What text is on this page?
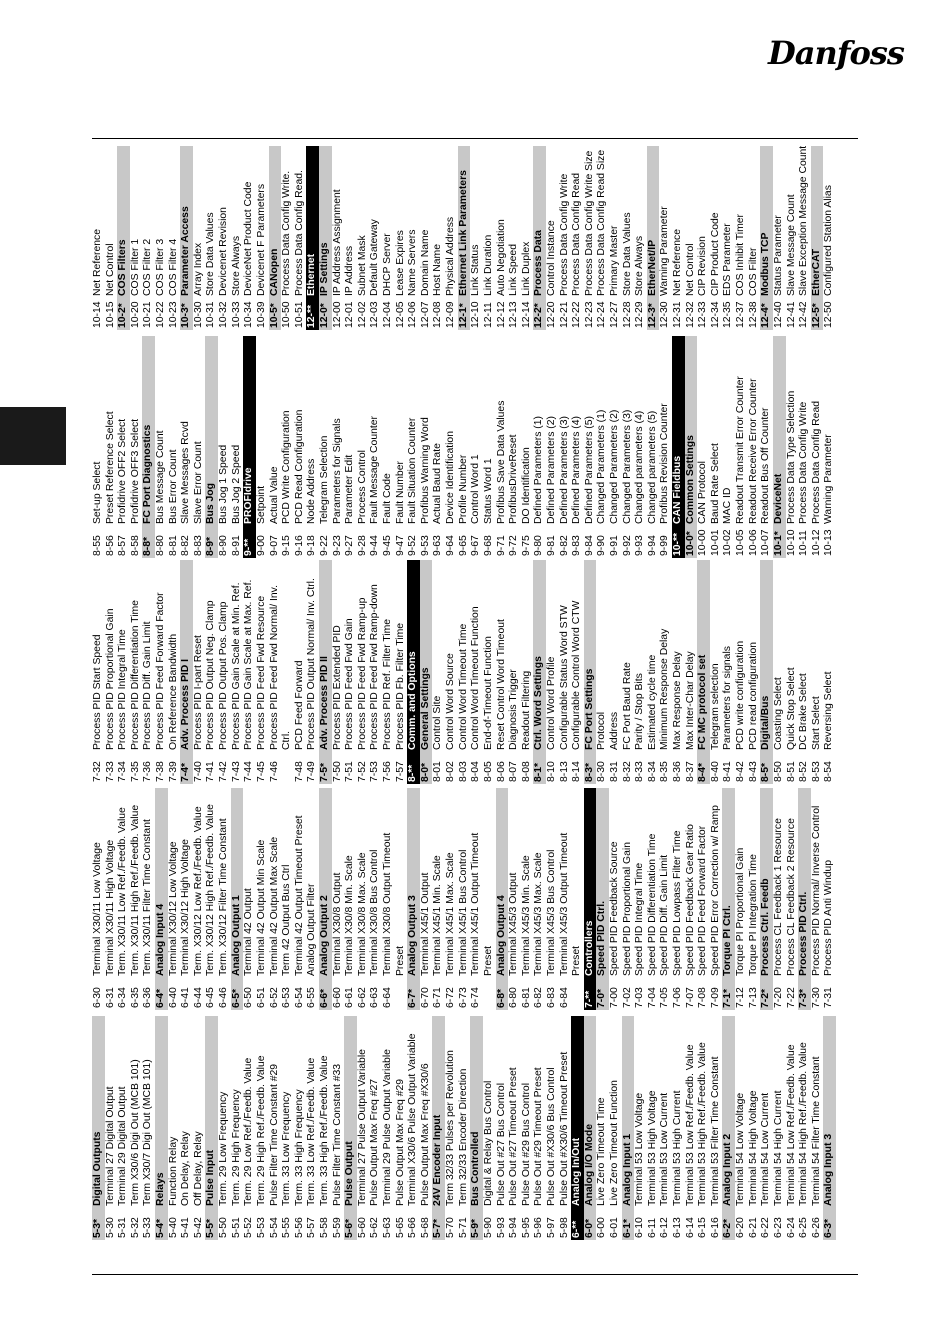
Danfoss
5-3*Digital Outputs
5-30Terminal 27 Digital Output
5-31Terminal 29 Digital Output
5-32Term X30/6 Digi Out (MCB 101)
5-33Term X30/7 Digi Out (MCB 101)
5-4*Relays
5-40Function Relay
5-41On Delay, Relay
5-42Off Delay, Relay
5-5*Pulse Input
5-50Term. 29 Low Frequency
5-51Term. 29 High Frequency
5-52Term. 29 Low Ref./Feedb. Value
5-53Term. 29 High Ref./Feedb. Value
5-54Pulse Filter Time Constant #29
5-55Term. 33 Low Frequency
5-56Term. 33 High Frequency
5-57Term. 33 Low Ref./Feedb. Value
5-58Term. 33 High Ref./Feedb. Value
5-59Pulse Filter Time Constant #33
5-6*Pulse Output
5-60Terminal 27 Pulse Output Variable
5-62Pulse Output Max Freq #27
5-63Terminal 29 Pulse Output Variable
5-65Pulse Output Max Freq #29
5-66Terminal X30/6 Pulse Output Variable
5-68Pulse Output Max Freq #X30/6
5-7*24V Encoder Input
5-70Term 32/33 Pulses per Revolution
5-71Term 32/33 Encoder Direction
5-9*Bus Controlled
5-90Digital & Relay Bus Control
5-93Pulse Out #27 Bus Control
5-94Pulse Out #27 Timeout Preset
5-95Pulse Out #29 Bus Control
5-96Pulse Out #29 Timeout Preset
5-97Pulse Out #X30/6 Bus Control
5-98Pulse Out #X30/6 Timeout Preset
6-**Analog In/Out
6-0*Analog I/O Mode
6-00Live Zero Timeout Time
6-01Live Zero Timeout Function
6-1*Analog Input 1
6-10Terminal 53 Low Voltage
6-11Terminal 53 High Voltage
6-12Terminal 53 Low Current
6-13Terminal 53 High Current
6-14Terminal 53 Low Ref./Feedb. Value
6-15Terminal 53 High Ref./Feedb. Value
6-16Terminal 53 Filter Time Constant
6-2*Analog Input 2
6-20Terminal 54 Low Voltage
6-21Terminal 54 High Voltage
6-22Terminal 54 Low Current
6-23Terminal 54 High Current
6-24Terminal 54 Low Ref./Feedb. Value
6-25Terminal 54 High Ref./Feedb. Value
6-26Terminal 54 Filter Time Constant
6-3*Analog Input 3
6-30Terminal X30/11 Low Voltage
6-31Terminal X30/11 High Voltage
6-34Term. X30/11 Low Ref./Feedb. Value
6-35Term. X30/11 High Ref./Feedb. Value
6-36Term. X30/11 Filter Time Constant
6-4*Analog Input 4
6-40Terminal X30/12 Low Voltage
6-41Terminal X30/12 High Voltage
6-44Term. X30/12 Low Ref./Feedb. Value
6-45Term. X30/12 High Ref./Feedb. Value
6-46Term. X30/12 Filter Time Constant
6-5*Analog Output 1
6-50Terminal 42 Output
6-51Terminal 42 Output Min Scale
6-52Terminal 42 Output Max Scale
6-53Term 42 Output Bus Ctrl
6-54Terminal 42 Output Timeout Preset
6-55Analog Output Filter
6-6*Analog Output 2
6-60Terminal X30/8 Output
6-61Terminal X30/8 Min. Scale
6-62Terminal X30/8 Max. Scale
6-63Terminal X30/8 Bus Control
6-64Terminal X30/8 Output Timeout Preset
6-7*Analog Output 3
6-70Terminal X45/1 Output
6-71Terminal X45/1 Min. Scale
6-72Terminal X45/1 Max. Scale
6-73Terminal X45/1 Bus Control
6-74Terminal X45/1 Output Timeout Preset
6-8*Analog Output 4
6-80Terminal X45/3 Output
6-81Terminal X45/3 Min. Scale
6-82Terminal X45/3 Max. Scale
6-83Terminal X45/3 Bus Control
6-84Terminal X45/3 Output Timeout Preset
7-**Controllers
7-0*Speed PID Ctrl.
7-00Speed PID Feedback Source
7-02Speed PID Proportional Gain
7-03Speed PID Integral Time
7-04Speed PID Differentiation Time
7-05Speed PID Diff. Gain Limit
7-06Speed PID Lowpass Filter Time
7-07Speed PID Feedback Gear Ratio
7-08Speed PID Feed Forward Factor
7-09Speed PID Error Correction w/ Ramp
7-1*Torque PI Ctrl.
7-12Torque PI Proportional Gain
7-13Torque PI Integration Time
7-2*Process Ctrl. Feedb
7-20Process CL Feedback 1 Resource
7-22Process CL Feedback 2 Resource
7-3*Process PID Ctrl.
7-30Process PID Normal/ Inverse Control
7-31Process PID Anti Windup
7-32Process PID Start Speed
7-33Process PID Proportional Gain
7-34Process PID Integral Time
7-35Process PID Differentiation Time
7-36Process PID Diff. Gain Limit
7-38Process PID Feed Forward Factor
7-39On Reference Bandwidth
7-4*Adv. Process PID I
7-40Process PID I-part Reset
7-41Process PID Output Neg. Clamp
7-42Process PID Output Pos. Clamp
7-43Process PID Gain Scale at Min. Ref.
7-44Process PID Gain Scale at Max. Ref.
7-45Process PID Feed Fwd Resource
7-46Process PID Feed Fwd Normal/ Inv. Ctrl.
7-48PCD Feed Forward
7-49Process PID Output Normal/ Inv. Ctrl.
7-5*Adv. Process PID II
7-50Process PID Extended PID
7-51Process PID Feed Fwd Gain
7-52Process PID Feed Fwd Ramp-up
7-53Process PID Feed Fwd Ramp-down
7-56Process PID Ref. Filter Time
7-57Process PID Fb. Filter Time
8-**Comm. and Options
8-0*General Settings
8-01Control Site
8-02Control Word Source
8-03Control Word Timeout Time
8-04Control Word Timeout Function
8-05End-of-Timeout Function
8-06Reset Control Word Timeout
8-07Diagnosis Trigger
8-08Readout Filtering
8-1*Ctrl. Word Settings
8-10Control Word Profile
8-13Configurable Status Word STW
8-14Configurable Control Word CTW
8-3*FC Port Settings
8-30Protocol
8-31Address
8-32FC Port Baud Rate
8-33Parity / Stop Bits
8-34Estimated cycle time
8-35Minimum Response Delay
8-36Max Response Delay
8-37Max Inter-Char Delay
8-4*FC MC protocol set
8-40Telegram selection
8-41Parameters for signals
8-42PCD write configuration
8-43PCD read configuration
8-5*Digital/Bus
8-50Coasting Select
8-51Quick Stop Select
8-52DC Brake Select
8-53Start Select
8-54Reversing Select
8-55Set-up Select
8-56Preset Reference Select
8-57Profidrive OFF2 Select
8-58Profidrive OFF3 Select
8-8*FC Port Diagnostics
8-80Bus Message Count
8-81Bus Error Count
8-82Slave Messages Rcvd
8-83Slave Error Count
8-9*Bus Jog
8-90Bus Jog 1 Speed
8-91Bus Jog 2 Speed
9-**PROFIdrive
9-00Setpoint
9-07Actual Value
9-15PCD Write Configuration
9-16PCD Read Configuration
9-18Node Address
9-22Telegram Selection
9-23Parameters for Signals
9-27Parameter Edit
9-28Process Control
9-44Fault Message Counter
9-45Fault Code
9-47Fault Number
9-52Fault Situation Counter
9-53Profibus Warning Word
9-63Actual Baud Rate
9-64Device Identification
9-65Profile Number
9-67Control Word 1
9-68Status Word 1
9-71Profibus Save Data Values
9-72ProfibusDriveReset
9-75DO Identification
9-80Defined Parameters (1)
9-81Defined Parameters (2)
9-82Defined Parameters (3)
9-83Defined Parameters (4)
9-84Defined Parameters (5)
9-90Changed Parameters (1)
9-91Changed Parameters (2)
9-92Changed Parameters (3)
9-93Changed parameters (4)
9-94Changed parameters (5)
9-99Profibus Revision Counter
10-**CAN Fieldbus
10-0*Common Settings
10-00CAN Protocol
10-01Baud Rate Select
10-02MAC ID
10-05Readout Transmit Error Counter
10-06Readout Receive Error Counter
10-07Readout Bus Off Counter
10-1*DeviceNet
10-10Process Data Type Selection
10-11Process Data Config Write
10-12Process Data Config Read
10-13Warning Parameter
10-14Net Reference
10-15Net Control
10-2*COS Filters
10-20COS Filter 1
10-21COS Filter 2
10-22COS Filter 3
10-23COS Filter 4
10-3*Parameter Access
10-30Array Index
10-31Store Data Values
10-32Devicenet Revision
10-33Store Always
10-34DeviceNet Product Code
10-39Devicenet F Parameters
10-5*CANopen
10-50Process Data Config Write.
10-51Process Data Config Read.
12-**Ethernet
12-0*IP Settings
12-00IP Address Assignment
12-01IP Address
12-02Subnet Mask
12-03Default Gateway
12-04DHCP Server
12-05Lease Expires
12-06Name Servers
12-07Domain Name
12-08Host Name
12-09Physical Address
12-1*Ethernet Link Parameters
12-10Link Status
12-11Link Duration
12-12Auto Negotiation
12-13Link Speed
12-14Link Duplex
12-2*Process Data
12-20Control Instance
12-21Process Data Config Write
12-22Process Data Config Read
12-23Process Data Config Write Size
12-24Process Data Config Read Size
12-27Primary Master
12-28Store Data Values
12-29Store Always
12-3*EtherNet/IP
12-30Warning Parameter
12-31Net Reference
12-32Net Control
12-33CIP Revision
12-34CIP Product Code
12-35EDS Parameter
12-37COS Inhibit Timer
12-38COS Filter
12-4*Modbus TCP
12-40Status Parameter
12-41Slave Message Count
12-42Slave Exception Message Count
12-5*EtherCAT
12-50Configured Station Alias
